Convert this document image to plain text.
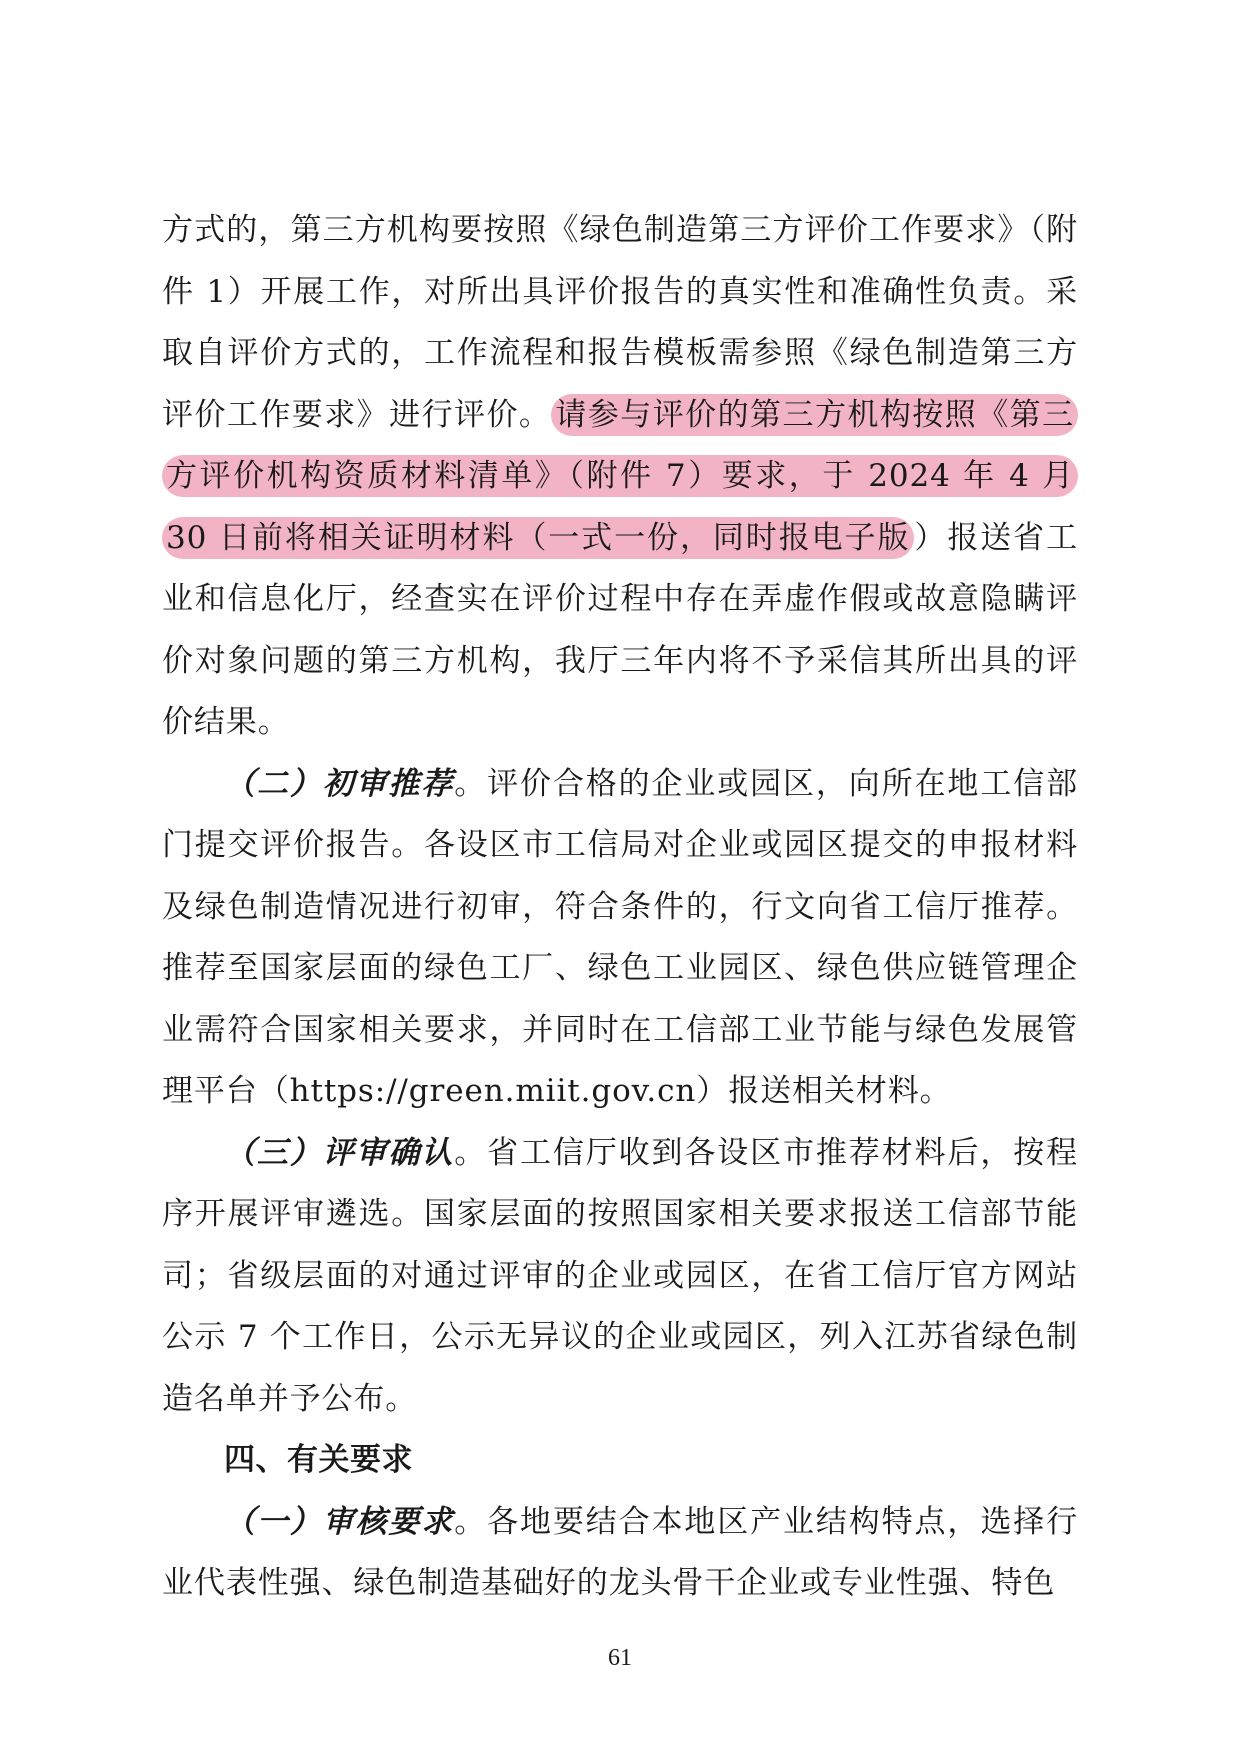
方式的，第三方机构要按照《绿色制造第三方评价工作要求》（附件 1）开展工作，对所出具评价报告的真实性和准确性负责。采取自评价方式的，工作流程和报告模板需参照《绿色制造第三方评价工作要求》进行评价。 请参与评价的第三方机构按照《第三方评价机构资质材料清单》（附件 7）要求，于 2024 年 4 月 30 日前将相关证明材料（一式一份，同时报电子版 ）报送省工业和信息化厅，经查实在评价过程中存在弄虚作假或故意隐瞒评价对象问题的第三方机构，我厅三年内将不予采信其所出具的评价结果。

（二）初审推荐。评价合格的企业或园区，向所在地工信部门提交评价报告。各设区市工信局对企业或园区提交的申报材料及绿色制造情况进行初审，符合条件的，行文向省工信厅推荐。推荐至国家层面的绿色工厂、绿色工业园区、绿色供应链管理企业需符合国家相关要求，并同时在工信部工业节能与绿色发展管理平台（https://green.miit.gov.cn）报送相关材料。

（三）评审确认。省工信厅收到各设区市推荐材料后，按程序开展评审遴选。国家层面的按照国家相关要求报送工信部节能司；省级层面的对通过评审的企业或园区，在省工信厅官方网站公示 7 个工作日，公示无异议的企业或园区，列入江苏省绿色制造名单并予公布。

四、有关要求

（一）审核要求。各地要结合本地区产业结构特点，选择行业代表性强、绿色制造基础好的龙头骨干企业或专业性强、特色

61
